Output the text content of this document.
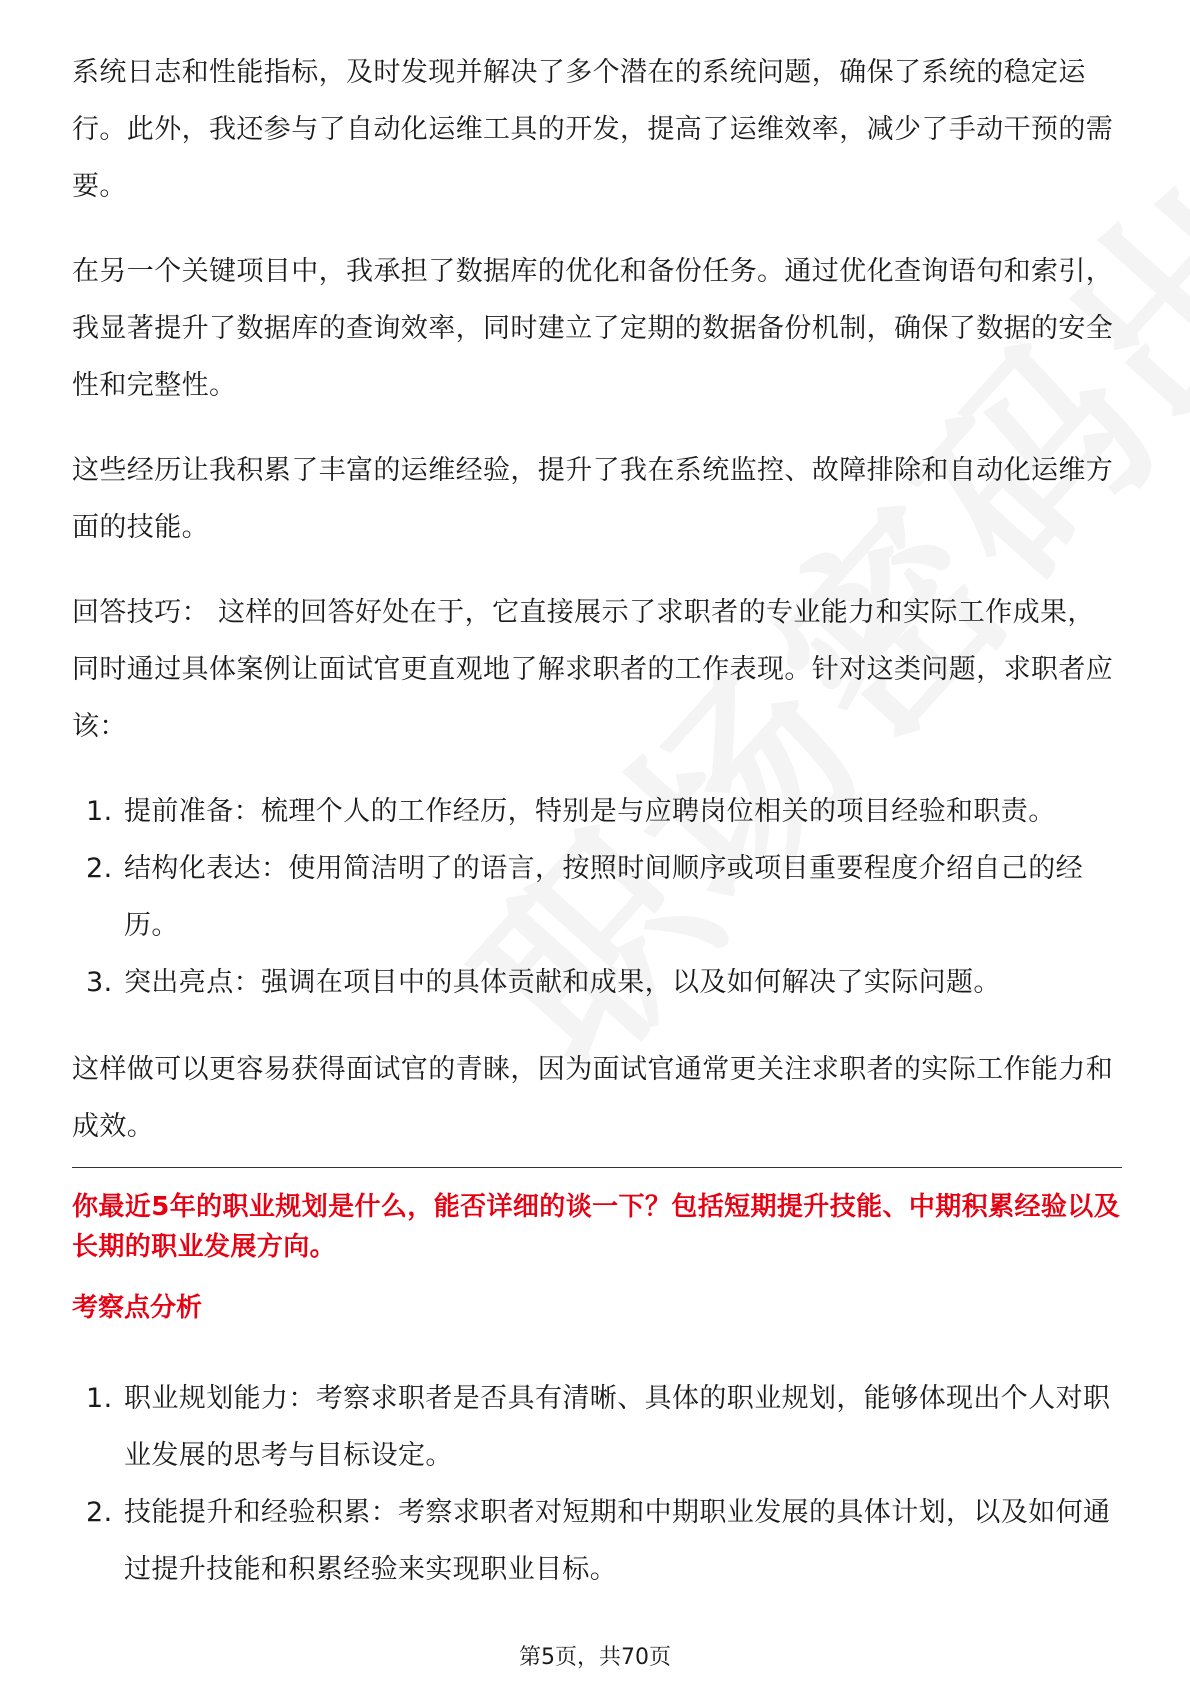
系统日志和性能指标，及时发现并解决了多个潜在的系统问题，确保了系统的稳定运行。此外，我还参与了自动化运维工具的开发，提高了运维效率，减少了手动干预的需要。

在另一个关键项目中，我承担了数据库的优化和备份任务。通过优化查询语句和索引，我显著提升了数据库的查询效率，同时建立了定期的数据备份机制，确保了数据的安全性和完整性。

这些经历让我积累了丰富的运维经验，提升了我在系统监控、故障排除和自动化运维方面的技能。

回答技巧： 这样的回答好处在于，它直接展示了求职者的专业能力和实际工作成果，同时通过具体案例让面试官更直观地了解求职者的工作表现。针对这类问题，求职者应该：

1. 提前准备：梳理个人的工作经历，特别是与应聘岗位相关的项目经验和职责。
2. 结构化表达：使用简洁明了的语言，按照时间顺序或项目重要程度介绍自己的经历。
3. 突出亮点：强调在项目中的具体贡献和成果，以及如何解决了实际问题。

这样做可以更容易获得面试官的青睐，因为面试官通常更关注求职者的实际工作能力和成效。

你最近5年的职业规划是什么，能否详细的谈一下？包括短期提升技能、中期积累经验以及长期的职业发展方向。
考察点分析
1. 职业规划能力：考察求职者是否具有清晰、具体的职业规划，能够体现出个人对职业发展的思考与目标设定。
2. 技能提升和经验积累：考察求职者对短期和中期职业发展的具体计划，以及如何通过提升技能和积累经验来实现职业目标。
第5页，共70页
